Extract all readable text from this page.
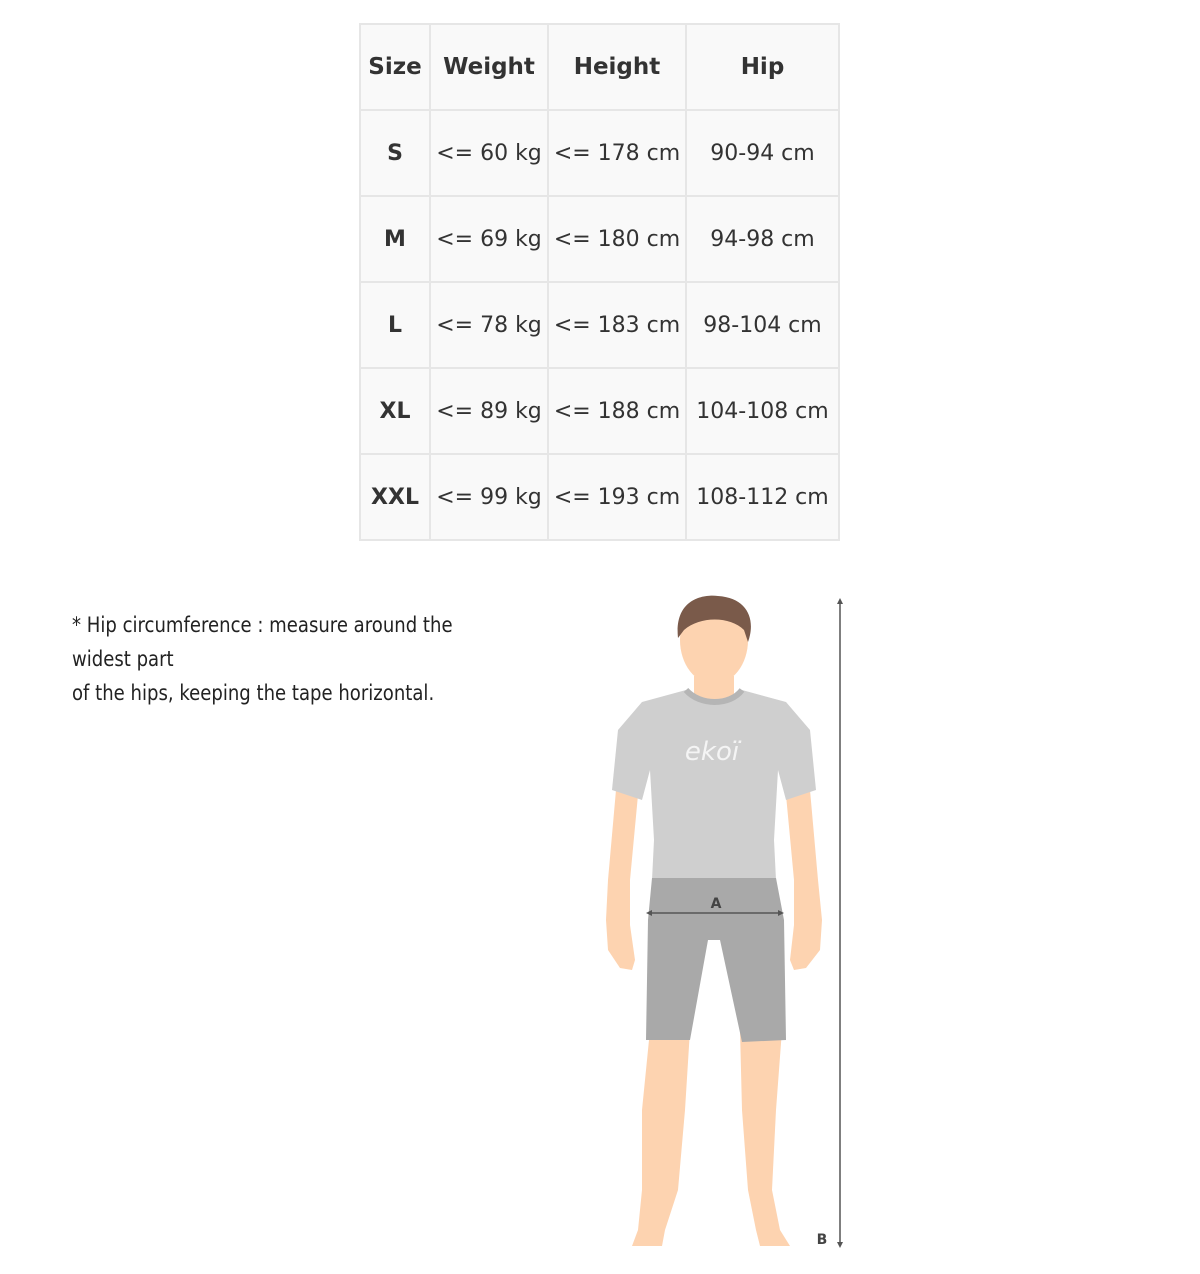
Size	Weight	Height	Hip
S	<= 60 kg	<= 178 cm	90-94 cm
M	<= 69 kg	<= 180 cm	94-98 cm
L	<= 78 kg	<= 183 cm	98-104 cm
XL	<= 89 kg	<= 188 cm	104-108 cm
XXL	<= 99 kg	<= 193 cm	108-112 cm
* Hip circumference : measure around the widest part
of the hips, keeping the tape horizontal.
ekoï
A
B
